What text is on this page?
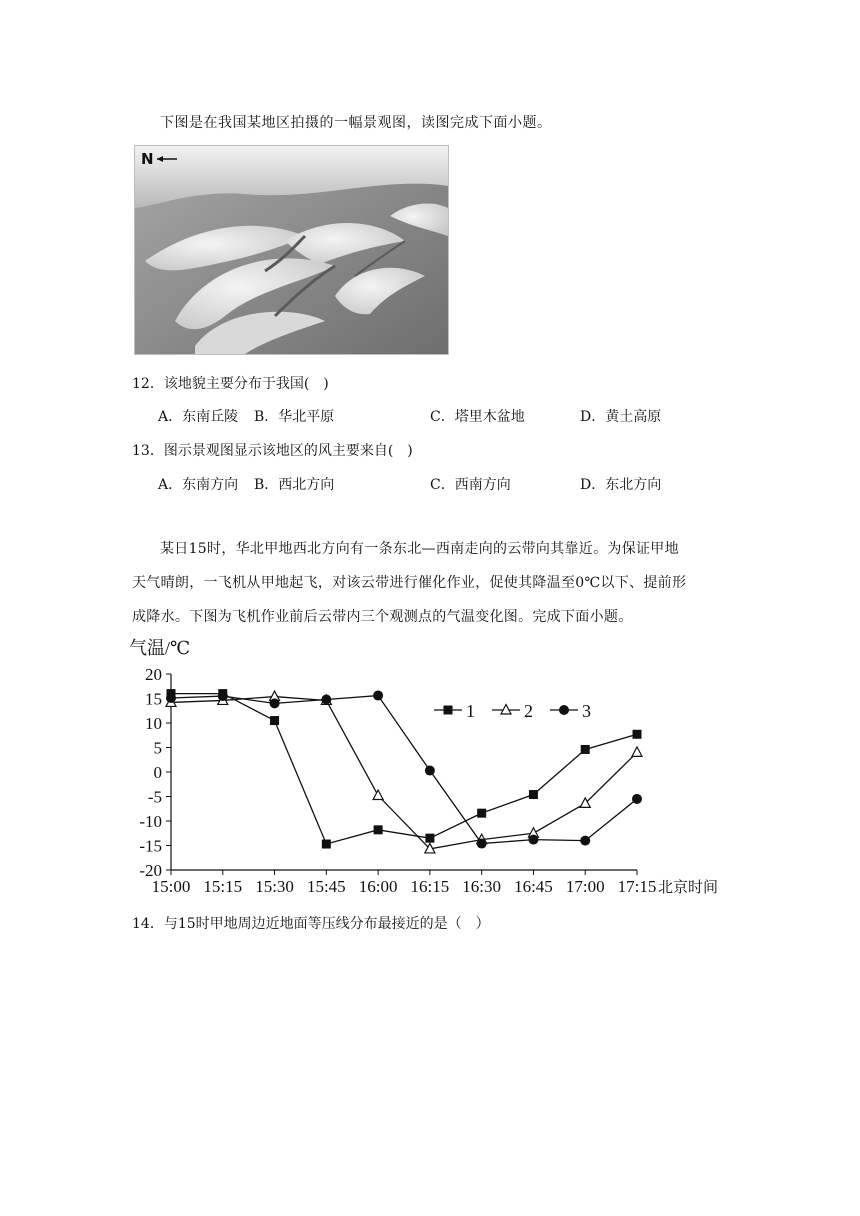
下图是在我国某地区拍摄的一幅景观图，读图完成下面小题。
N
12．该地貌主要分布于我国(　)
A．东南丘陵 B．华北平原	C．塔里木盆地	D．黄土高原
13．图示景观图显示该地区的风主要来自(　)
A．东南方向 B．西北方向	C．西南方向	D．东北方向
某日15时，华北甲地西北方向有一条东北—西南走向的云带向其靠近。为保证甲地天气晴朗，一飞机从甲地起飞，对该云带进行催化作业，促使其降温至0℃以下、提前形成降水。下图为飞机作业前后云带内三个观测点的气温变化图。完成下面小题。
20
15
10
5
0
-5
-10
-15
-20
15:00 15:15 15:30 15:45 16:00 16:15 16:30 16:45 17:00 17:15
气温/℃
北京时间
1	2	3
14．与15时甲地周边近地面等压线分布最接近的是（　）
